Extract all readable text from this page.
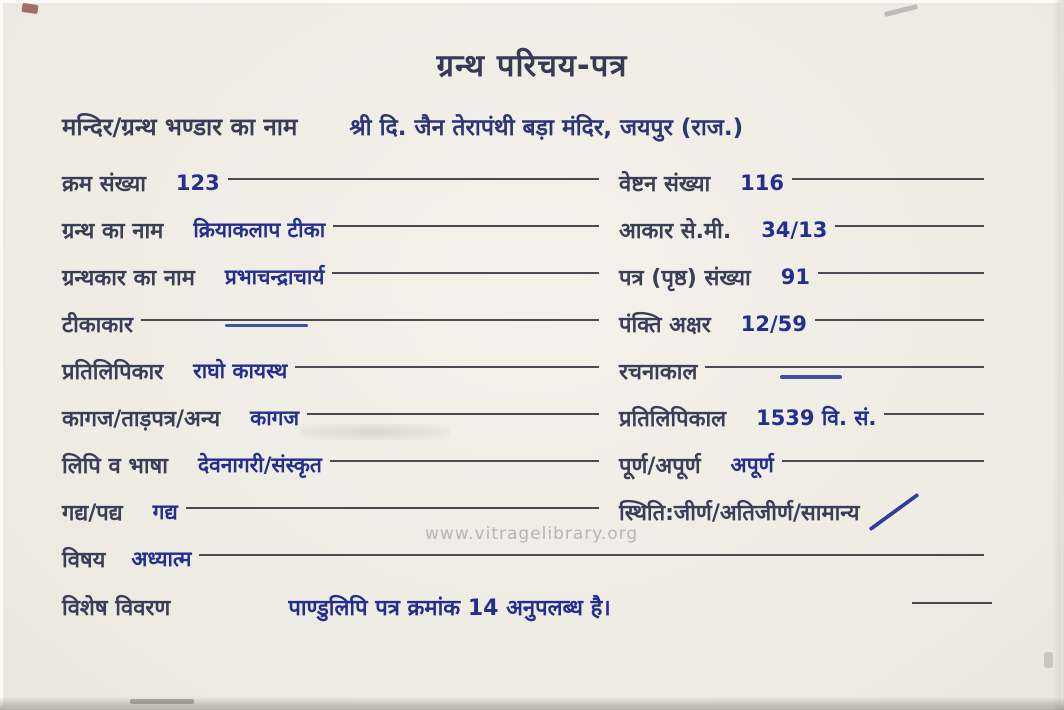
ग्रन्थ परिचय-पत्र
मन्दिर/ग्रन्थ भण्डार का नाम श्री दि. जैन तेरापंथी बड़ा मंदिर, जयपुर (राज.)
क्रम संख्या 123	वेष्टन संख्या 116
ग्रन्थ का नाम क्रियाकलाप टीका	आकार से.मी. 34/13
ग्रन्थकार का नाम प्रभाचन्द्राचार्य	पत्र (पृष्ठ) संख्या 91
टीकाकार	पंक्ति अक्षर 12/59
प्रतिलिपिकार राघो कायस्थ	रचनाकाल
कागज/ताड़पत्र/अन्य कागज	प्रतिलिपिकाल 1539 वि. सं.
लिपि व भाषा देवनागरी/संस्कृत	पूर्ण/अपूर्ण अपूर्ण
गद्य/पद्य गद्य	स्थिति:जीर्ण/अतिजीर्ण/सामान्य
विषय अध्यात्म
विशेष विवरण	पाण्डुलिपि पत्र क्रमांक 14 अनुपलब्ध है।
www.vitragelibrary.org
